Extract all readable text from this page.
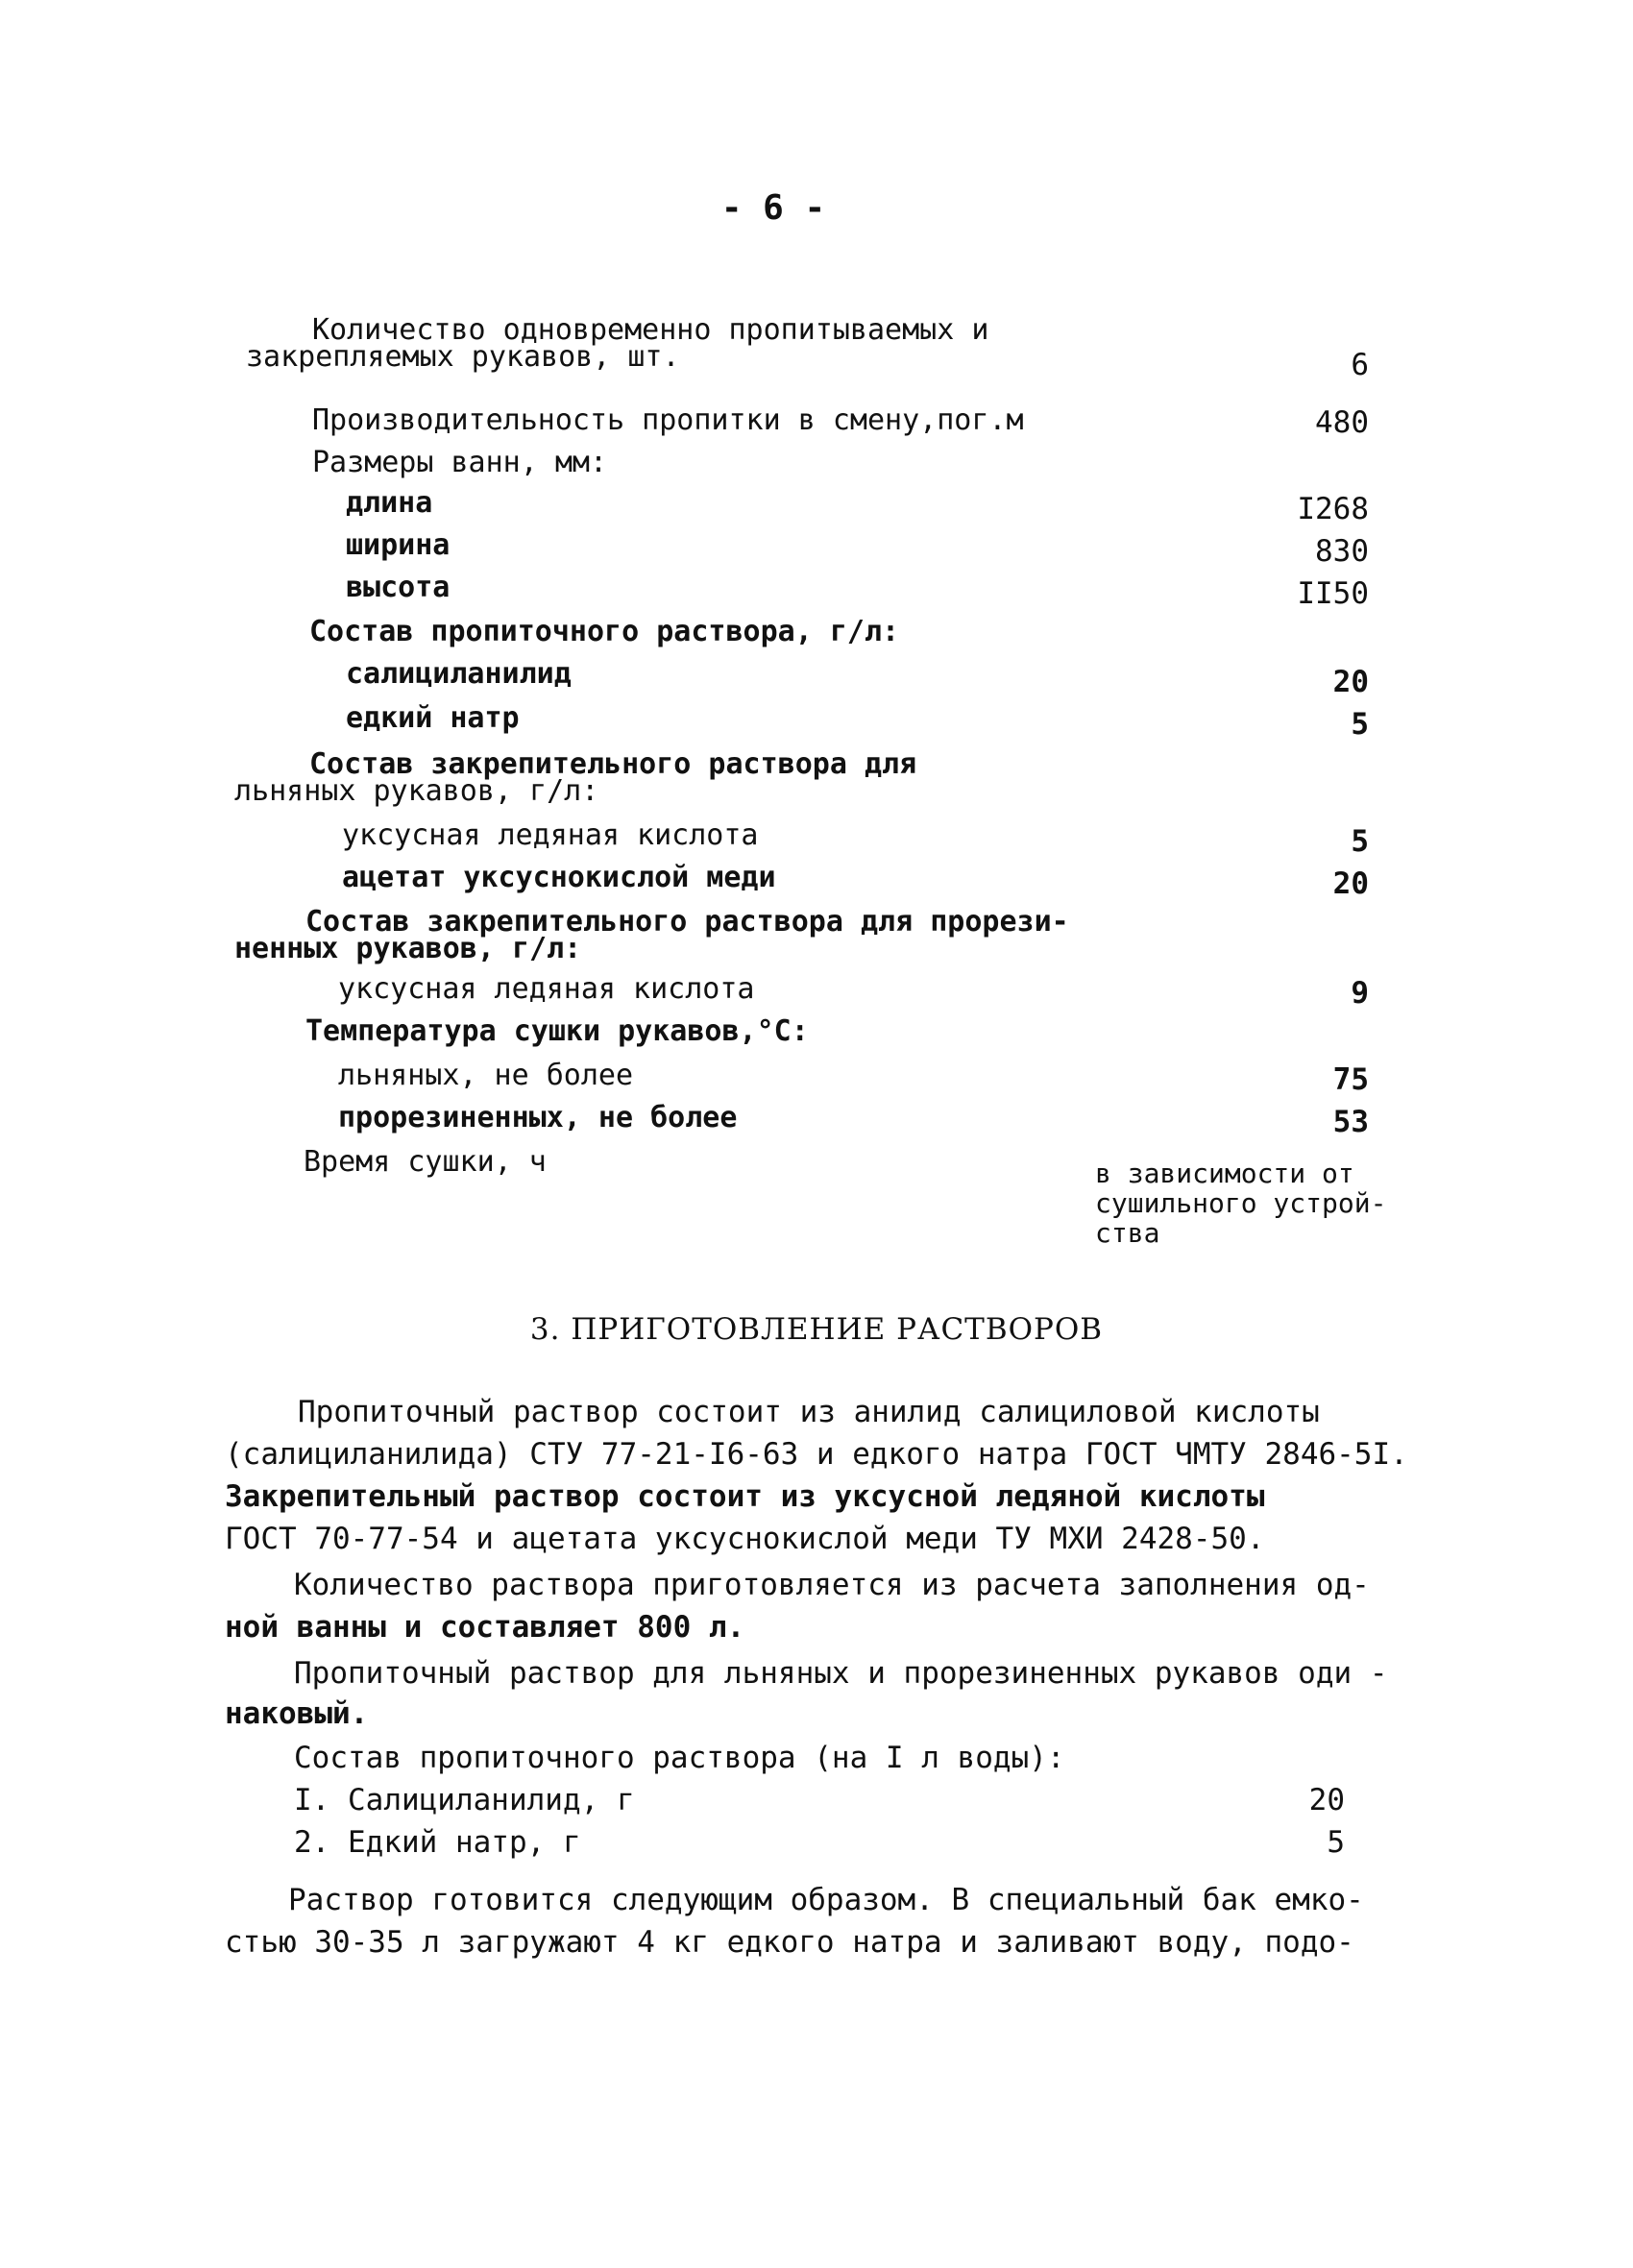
- 6 -
Количество одновременно пропитываемых и
закрепляемых рукавов, шт.	6
Производительность пропитки в смену,пог.м	480
Размеры ванн, мм:
длина	I268
ширина	830
высота	II50
Состав пропиточного раствора, г/л:
салициланилид	20
едкий натр	5
Состав закрепительного раствора для
льняных рукавов, г/л:
уксусная ледяная кислота	5
ацетат уксуснокислой меди	20
Состав закрепительного раствора для прорези-
ненных рукавов, г/л:
уксусная ледяная кислота	9
Температура сушки рукавов,°С:
льняных, не более	75
прорезиненных, не более	53
Время сушки, ч	в зависимости от
сушильного устрой-
ства
3. ПРИГОТОВЛЕНИЕ РАСТВОРОВ
Пропиточный раствор состоит из анилид салициловой кислоты
(салициланилида) СТУ 77-21-I6-63 и едкого натра ГОСТ ЧМТУ 2846-5I.
Закрепительный раствор состоит из уксусной ледяной кислоты
ГОСТ 70-77-54 и ацетата уксуснокислой меди ТУ МХИ 2428-50.
Количество раствора приготовляется из расчета заполнения од-
ной ванны и составляет 800 л.
Пропиточный раствор для льняных и прорезиненных рукавов оди -
наковый.
Состав пропиточного раствора (на I л воды):
I. Салициланилид, г	20
2. Едкий натр, г	5
Раствор готовится следующим образом. В специальный бак емко-
стью 30-35 л загружают 4 кг едкого натра и заливают воду, подо-
